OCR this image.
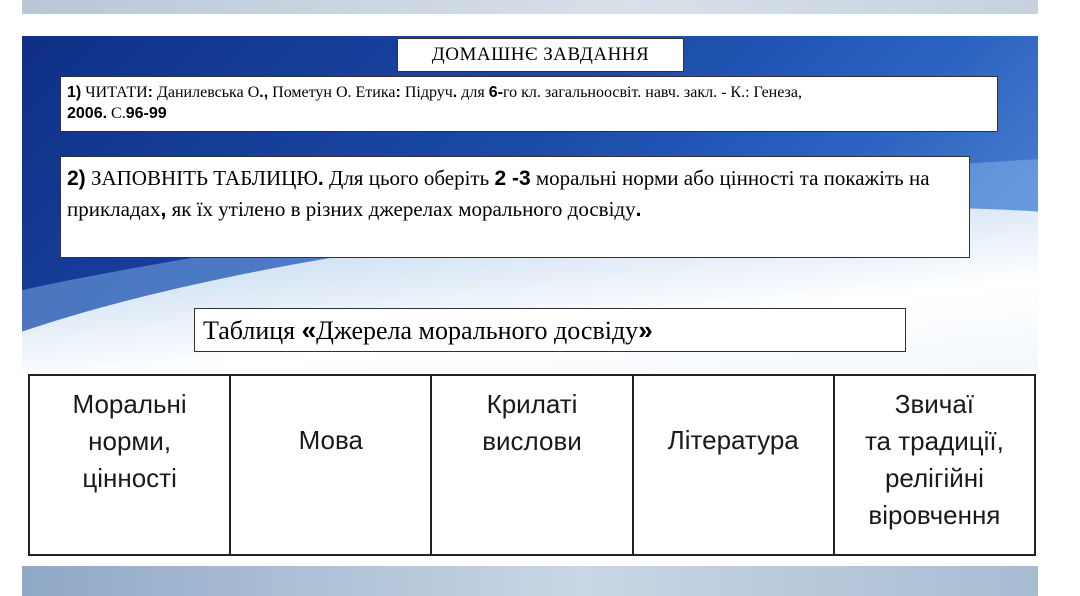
ДОМАШНЄ ЗАВДАННЯ
1) ЧИТАТИ: Данилевська О., Пометун О. Етика: Підруч. для 6-го кл. загальноосвіт. навч. закл. - К.: Генеза,
2006. С.96-99
2) ЗАПОВНІТЬ ТАБЛИЦЮ. Для цього оберіть 2 -3 моральні норми або цінності та покажіть на прикладах, як їх утілено в різних джерелах морального досвіду.
Таблиця «Джерела морального досвіду»
Моральні
норми,
цінності
Мова
Крилаті
вислови	Література
Звичаї
та традиції,
релігійні
віровчення
